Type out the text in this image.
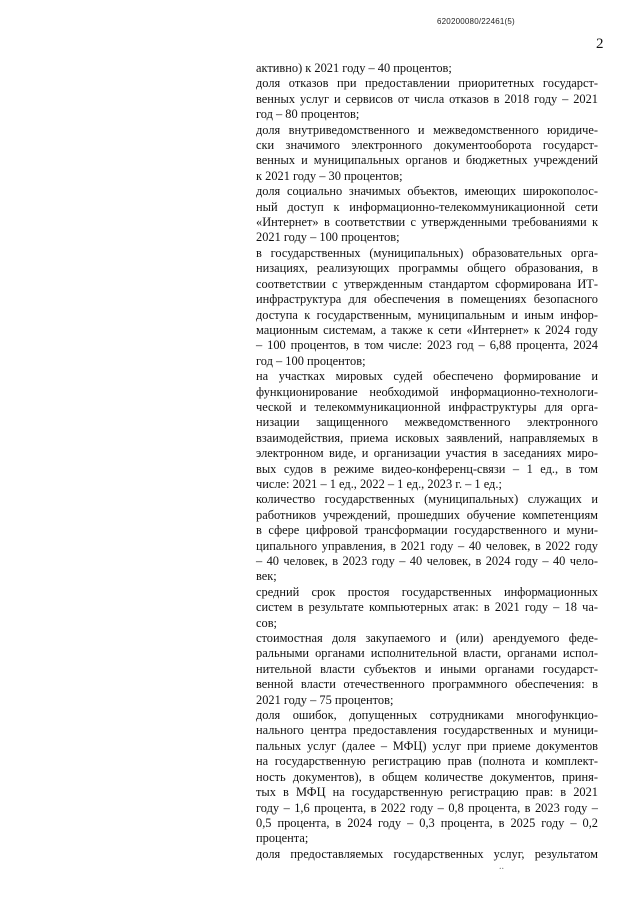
620200080/22461(5)
2
активно) к 2021 году – 40 процентов;
доля отказов при предоставлении приоритетных государст-
венных услуг и сервисов от числа отказов в 2018 году – 2021
год – 80 процентов;
доля внутриведомственного и межведомственного юридиче-
ски значимого электронного документооборота государст-
венных и муниципальных органов и бюджетных учреждений
к 2021 году – 30 процентов;
доля социально значимых объектов, имеющих широкополос-
ный доступ к информационно-телекоммуникационной сети
«Интернет» в соответствии с утвержденными требованиями к
2021 году – 100 процентов;
в государственных (муниципальных) образовательных орга-
низациях, реализующих программы общего образования, в
соответствии с утвержденным стандартом сформирована ИТ-
инфраструктура для обеспечения в помещениях безопасного
доступа к государственным, муниципальным и иным инфор-
мационным системам, а также к сети «Интернет» к 2024 году
– 100 процентов, в том числе: 2023 год – 6,88 процента, 2024
год – 100 процентов;
на участках мировых судей обеспечено формирование и
функционирование необходимой информационно-технологи-
ческой и телекоммуникационной инфраструктуры для орга-
низации защищенного межведомственного электронного
взаимодействия, приема исковых заявлений, направляемых в
электронном виде, и организации участия в заседаниях миро-
вых судов в режиме видео-конференц-связи – 1 ед., в том
числе: 2021 – 1 ед., 2022 – 1 ед., 2023 г. – 1 ед.;
количество государственных (муниципальных) служащих и
работников учреждений, прошедших обучение компетенциям
в сфере цифровой трансформации государственного и муни-
ципального управления, в 2021 году – 40 человек, в 2022 году
– 40 человек, в 2023 году – 40 человек, в 2024 году – 40 чело-
век;
средний срок простоя государственных информационных
систем в результате компьютерных атак: в 2021 году – 18 ча-
сов;
стоимостная доля закупаемого и (или) арендуемого феде-
ральными органами исполнительной власти, органами испол-
нительной власти субъектов и иными органами государст-
венной власти отечественного программного обеспечения: в
2021 году – 75 процентов;
доля ошибок, допущенных сотрудниками многофункцио-
нального центра предоставления государственных и муници-
пальных услуг (далее – МФЦ) услуг при приеме документов
на государственную регистрацию прав (полнота и комплект-
ность документов), в общем количестве документов, приня-
тых в МФЦ на государственную регистрацию прав: в 2021
году – 1,6 процента, в 2022 году – 0,8 процента, в 2023 году –
0,5 процента, в 2024 году – 0,3 процента, в 2025 году – 0,2
процента;
доля предоставляемых государственных услуг, результатом
..
